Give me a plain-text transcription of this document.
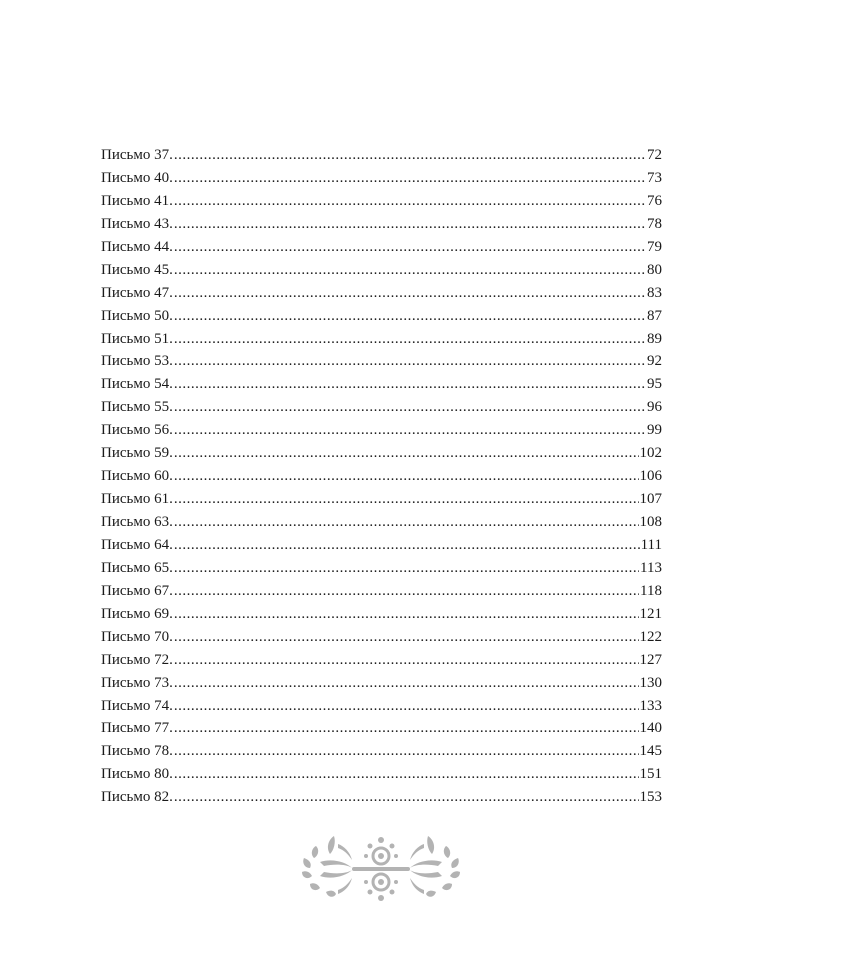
Письмо 37. .....	72
Письмо 40. .....	73
Письмо 41. .....	76
Письмо 43. .....	78
Письмо 44. .....	79
Письмо 45. .....	80
Письмо 47. .....	83
Письмо 50. .....	87
Письмо 51. .....	89
Письмо 53. .....	92
Письмо 54. .....	95
Письмо 55. .....	96
Письмо 56. .....	99
Письмо 59. .....	102
Письмо 60. .....	106
Письмо 61. .....	107
Письмо 63. .....	108
Письмо 64. .....	111
Письмо 65. .....	113
Письмо 67. .....	118
Письмо 69. .....	121
Письмо 70. .....	122
Письмо 72. .....	127
Письмо 73. .....	130
Письмо 74. .....	133
Письмо 77. .....	140
Письмо 78. .....	145
Письмо 80. .....	151
Письмо 82. .....	153
